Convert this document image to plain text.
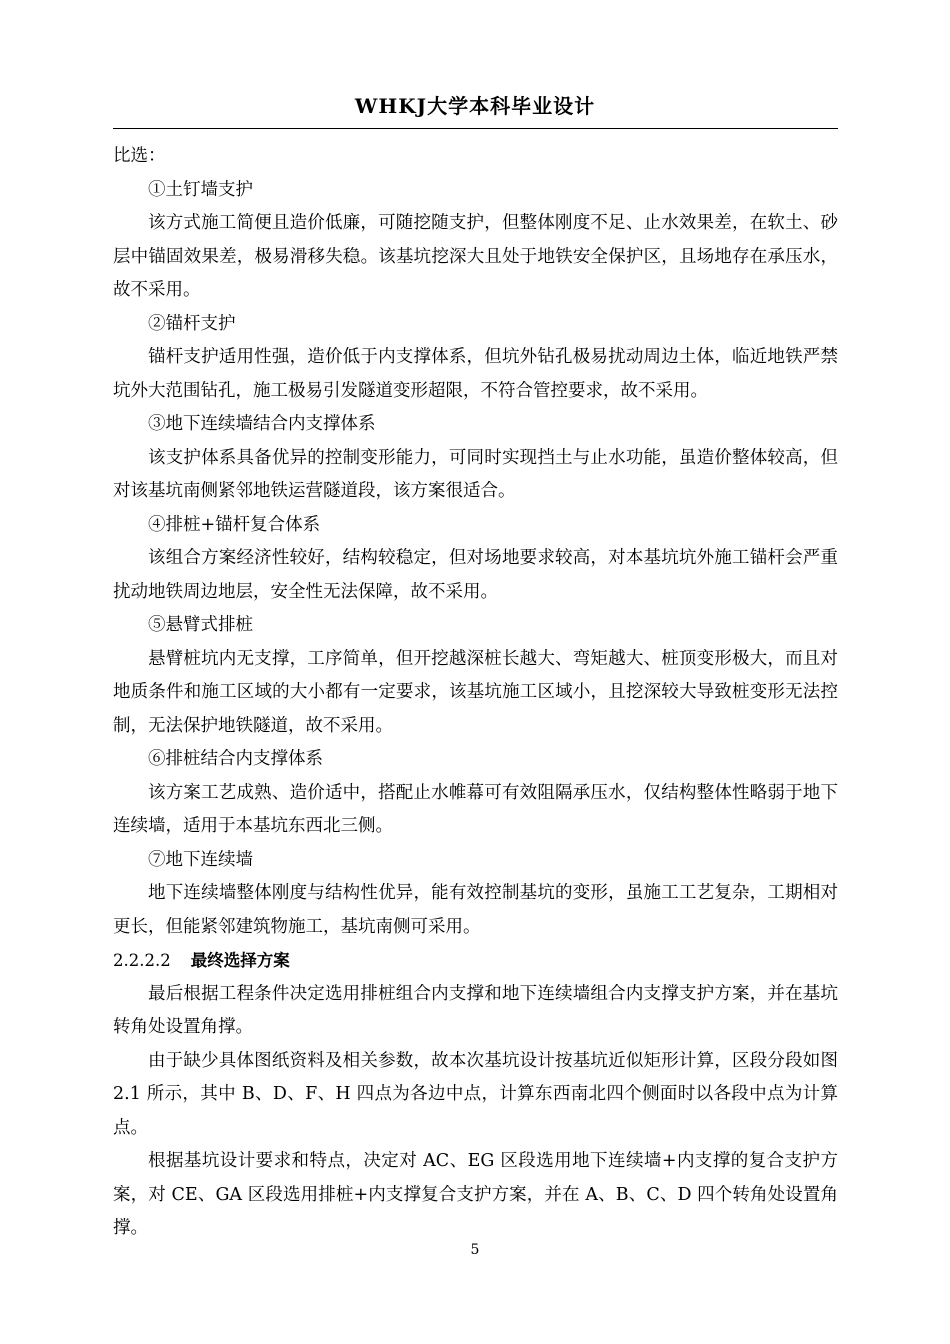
WHKJ大学本科毕业设计

比选：

①土钉墙支护

该方式施工简便且造价低廉，可随挖随支护，但整体刚度不足、止水效果差，在软土、砂层中锚固效果差，极易滑移失稳。该基坑挖深大且处于地铁安全保护区，且场地存在承压水，故不采用。

②锚杆支护

锚杆支护适用性强，造价低于内支撑体系，但坑外钻孔极易扰动周边土体，临近地铁严禁坑外大范围钻孔，施工极易引发隧道变形超限，不符合管控要求，故不采用。

③地下连续墙结合内支撑体系

该支护体系具备优异的控制变形能力，可同时实现挡土与止水功能，虽造价整体较高，但对该基坑南侧紧邻地铁运营隧道段，该方案很适合。

④排桩+锚杆复合体系

该组合方案经济性较好，结构较稳定，但对场地要求较高，对本基坑坑外施工锚杆会严重扰动地铁周边地层，安全性无法保障，故不采用。

⑤悬臂式排桩

悬臂桩坑内无支撑，工序简单，但开挖越深桩长越大、弯矩越大、桩顶变形极大，而且对地质条件和施工区域的大小都有一定要求，该基坑施工区域小，且挖深较大导致桩变形无法控制，无法保护地铁隧道，故不采用。

⑥排桩结合内支撑体系

该方案工艺成熟、造价适中，搭配止水帷幕可有效阻隔承压水，仅结构整体性略弱于地下连续墙，适用于本基坑东西北三侧。

⑦地下连续墙

地下连续墙整体刚度与结构性优异，能有效控制基坑的变形，虽施工工艺复杂，工期相对更长，但能紧邻建筑物施工，基坑南侧可采用。

2.2.2.2 最终选择方案

最后根据工程条件决定选用排桩组合内支撑和地下连续墙组合内支撑支护方案，并在基坑转角处设置角撑。

由于缺少具体图纸资料及相关参数，故本次基坑设计按基坑近似矩形计算，区段分段如图 2.1 所示，其中 B、D、F、H 四点为各边中点，计算东西南北四个侧面时以各段中点为计算点。

根据基坑设计要求和特点，决定对 AC、EG 区段选用地下连续墙+内支撑的复合支护方案，对 CE、GA 区段选用排桩+内支撑复合支护方案，并在 A、B、C、D 四个转角处设置角撑。

5
